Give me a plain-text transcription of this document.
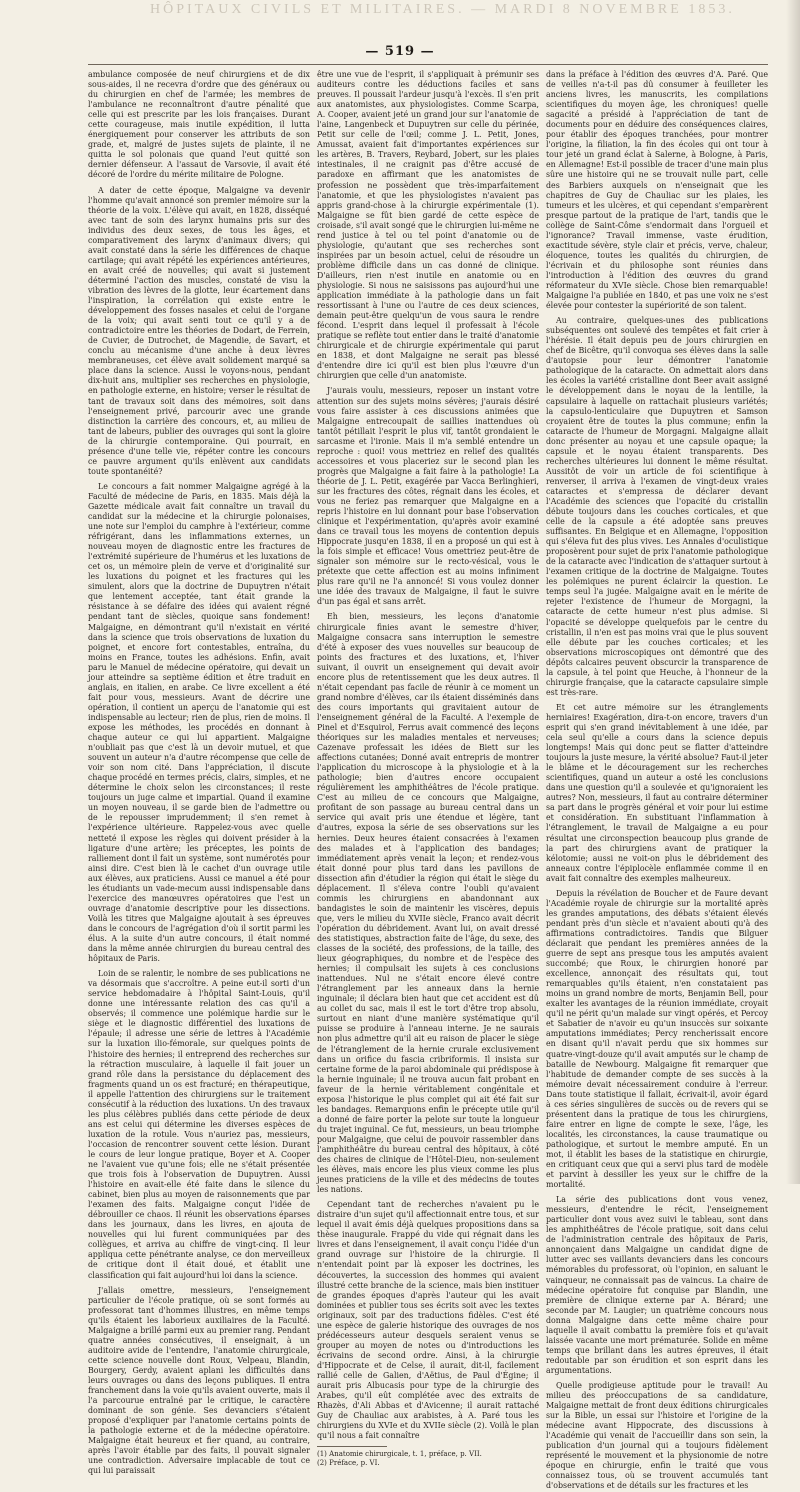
HÔPITAUX CIVILS ET MILITAIRES. — MARDI 8 NOVEMBRE 1853.
— 519 —

ambulance composée de neuf chirurgiens et de dix sous-aides, il ne recevra d'ordre que des généraux ou du chirurgien en chef de l'armée; les membres de l'ambulance ne reconnaîtront d'autre pénalité que celle qui est prescrite par les lois françaises. Durant cette courageuse, mais inutile expédition, il lutta énergiquement pour conserver les attributs de son grade, et, malgré de justes sujets de plainte, il ne quitta le sol polonais que quand l'eut quitté son dernier défenseur. A l'assaut de Varsovie, il avait été décoré de l'ordre du mérite militaire de Pologne.

A dater de cette époque, Malgaigne va devenir l'homme qu'avait annoncé son premier mémoire sur la théorie de la voix. L'élève qui avait, en 1828, disséqué avec tant de soin des larynx humains pris sur des individus des deux sexes, de tous les âges, et comparativement des larynx d'animaux divers; qui avait constaté dans la série les différences de chaque cartilage; qui avait répété les expériences antérieures, en avait créé de nouvelles; qui avait si justement déterminé l'action des muscles, constaté de visu la vibration des lèvres de la glotte, leur écartement dans l'inspiration, la corrélation qui existe entre le développement des fosses nasales et celui de l'organe de la voix; qui avait senti tout ce qu'il y a de contradictoire entre les théories de Dodart, de Ferrein, de Cuvier, de Dutrochet, de Magendie, de Savart, et conclu au mécanisme d'une anche à deux lèvres membraneuses, cet élève avait solidement marqué sa place dans la science. Aussi le voyons-nous, pendant dix-huit ans, multiplier ses recherches en physiologie, en pathologie externe, en histoire; verser le résultat de tant de travaux soit dans des mémoires, soit dans l'enseignement privé, parcourir avec une grande distinction la carrière des concours, et, au milieu de tant de labeurs, publier des ouvrages qui sont la gloire de la chirurgie contemporaine. Qui pourrait, en présence d'une telle vie, répéter contre les concours ce pauvre argument qu'ils enlèvent aux candidats toute spontanéité?

Le concours a fait nommer Malgaigne agrégé à la Faculté de médecine de Paris, en 1835. Mais déjà la Gazette médicale avait fait connaître un travail du candidat sur la médecine et la chirurgie polonaises, une note sur l'emploi du camphre à l'extérieur, comme réfrigérant, dans les inflammations externes, un nouveau moyen de diagnostic entre les fractures de l'extrémité supérieure de l'humérus et les luxations de cet os, un mémoire plein de verve et d'originalité sur les luxations du poignet et les fractures qui les simulent, alors que la doctrine de Dupuytren n'était que lentement acceptée, tant était grande la résistance à se défaire des idées qui avaient régné pendant tant de siècles, quoique sans fondement! Malgaigne, en démontrant qu'il n'existait en vérité dans la science que trois observations de luxation du poignet, et encore fort contestables, entraîna, du moins en France, toutes les adhésions. Enfin, avait paru le Manuel de médecine opératoire, qui devait un jour atteindre sa septième édition et être traduit en anglais, en italien, en arabe. Ce livre excellent a été fait pour vous, messieurs. Avant de décrire une opération, il contient un aperçu de l'anatomie qui est indispensable au lecteur; rien de plus, rien de moins. Il expose les méthodes, les procédés en donnant à chaque auteur ce qui lui appartient. Malgaigne n'oubliait pas que c'est là un devoir mutuel, et que souvent un auteur n'a d'autre récompense que celle de voir son nom cité. Dans l'appréciation, il discute chaque procédé en termes précis, clairs, simples, et ne détermine le choix selon les circonstances; il reste toujours un juge calme et impartial. Quand il examine un moyen nouveau, il se garde bien de l'admettre ou de le repousser imprudemment; il s'en remet à l'expérience ultérieure. Rappelez-vous avec quelle netteté il expose les règles qui doivent présider à la ligature d'une artère; les préceptes, les points de ralliement dont il fait un système, sont numérotés pour ainsi dire. C'est bien là le cachet d'un ouvrage utile aux élèves, aux praticiens. Aussi ce manuel a été pour les étudiants un vade-mecum aussi indispensable dans l'exercice des manœuvres opératoires que l'est un ouvrage d'anatomie descriptive pour les dissections. Voilà les titres que Malgaigne ajoutait à ses épreuves dans le concours de l'agrégation d'où il sortit parmi les élus. A la suite d'un autre concours, il était nommé dans la même année chirurgien du bureau central des hôpitaux de Paris.

Loin de se ralentir, le nombre de ses publications ne va désormais que s'accroître. A peine eut-il sorti d'un service hebdomadaire à l'hôpital Saint-Louis, qu'il donne une intéressante relation des cas qu'il a observés; il commence une polémique hardie sur le siège et le diagnostic différentiel des luxations de l'épaule; il adresse une série de lettres à l'Académie sur la luxation ilio-fémorale, sur quelques points de l'histoire des hernies; il entreprend des recherches sur la rétraction musculaire, à laquelle il fait jouer un grand rôle dans la persistance du déplacement des fragments quand un os est fracturé; en thérapeutique, il appelle l'attention des chirurgiens sur le traitement consécutif à la réduction des luxations. Un des travaux les plus célèbres publiés dans cette période de deux ans est celui qui détermine les diverses espèces de luxation de la rotule. Vous n'auriez pas, messieurs, l'occasion de rencontrer souvent cette lésion. Durant le cours de leur longue pratique, Boyer et A. Cooper ne l'avaient vue qu'une fois; elle ne s'était présentée que trois fois à l'observation de Dupuytren. Aussi l'histoire en avait-elle été faite dans le silence du cabinet, bien plus au moyen de raisonnements que par l'examen des faits. Malgaigne conçut l'idée de débrouiller ce chaos. Il réunit les observations éparses dans les journaux, dans les livres, en ajouta de nouvelles qui lui furent communiquées par des collègues, et arriva au chiffre de vingt-cinq. Il leur appliqua cette pénétrante analyse, ce don merveilleux de critique dont il était doué, et établit une classification qui fait aujourd'hui loi dans la science.

J'allais omettre, messieurs, l'enseignement particulier de l'école pratique, où se sont formés au professorat tant d'hommes illustres, en même temps qu'ils étaient les laborieux auxiliaires de la Faculté. Malgaigne a brillé parmi eux au premier rang. Pendant quatre années consécutives, il enseignait, à un auditoire avide de l'entendre, l'anatomie chirurgicale, cette science nouvelle dont Roux, Velpeau, Blandin, Bourgery, Gerdy, avaient aplani les difficultés dans leurs ouvrages ou dans des leçons publiques. Il entra franchement dans la voie qu'ils avaient ouverte, mais il l'a parcourue entraîné par le critique, le caractère dominant de son génie. Ses devanciers s'étaient proposé d'expliquer par l'anatomie certains points de la pathologie externe et de la médecine opératoire. Malgaigne était heureux et fier quand, au contraire, après l'avoir établie par des faits, il pouvait signaler une contradiction. Adversaire implacable de tout ce qui lui paraissait

être une vue de l'esprit, il s'appliquait à prémunir ses auditeurs contre les déductions faciles et sans preuves. Il poussait l'ardeur jusqu'à l'excès. Il s'en prit aux anatomistes, aux physiologistes. Comme Scarpa, A. Cooper, avaient jeté un grand jour sur l'anatomie de l'aine, Langenbeck et Dupuytren sur celle du périnée, Petit sur celle de l'œil; comme J. L. Petit, Jones, Amussat, avaient fait d'importantes expériences sur les artères, B. Travers, Reybard, Jobert, sur les plaies intestinales, il ne craignit pas d'être accusé de paradoxe en affirmant que les anatomistes de profession ne possèdent que très-imparfaitement l'anatomie, et que les physiologistes n'avaient pas appris grand-chose à la chirurgie expérimentale (1). Malgaigne se fût bien gardé de cette espèce de croisade, s'il avait songé que le chirurgien lui-même ne rend justice à tel ou tel point d'anatomie ou de physiologie, qu'autant que ses recherches sont inspirées par un besoin actuel, celui de résoudre un problème difficile dans un cas donné de clinique. D'ailleurs, rien n'est inutile en anatomie ou en physiologie. Si nous ne saisissons pas aujourd'hui une application immédiate à la pathologie dans un fait ressortissant à l'une ou l'autre de ces deux sciences, demain peut-être quelqu'un de vous saura le rendre fécond. L'esprit dans lequel il professait à l'école pratique se reflète tout entier dans le traité d'anatomie chirurgicale et de chirurgie expérimentale qui parut en 1838, et dont Malgaigne ne serait pas blessé d'entendre dire ici qu'il est bien plus l'œuvre d'un chirurgien que celle d'un anatomiste.

J'aurais voulu, messieurs, reposer un instant votre attention sur des sujets moins sévères; j'aurais désiré vous faire assister à ces discussions animées que Malgaigne entrecoupait de saillies inattendues où tantôt pétillait l'esprit le plus vif, tantôt grondaient le sarcasme et l'ironie. Mais il m'a semblé entendre un reproche : quoi! vous mettriez en relief des qualités accessoires et vous placeriez sur le second plan les progrès que Malgaigne a fait faire à la pathologie! La théorie de J. L. Petit, exagérée par Vacca Berlinghieri, sur les fractures des côtes, régnait dans les écoles, et vous ne feriez pas remarquer que Malgaigne en a repris l'histoire en lui donnant pour base l'observation clinique et l'expérimentation, qu'après avoir examiné dans ce travail tous les moyens de contention depuis Hippocrate jusqu'en 1838, il en a proposé un qui est à la fois simple et efficace! Vous omettriez peut-être de signaler son mémoire sur le recto-vésical, vous le prétexte que cette affection est au moins infiniment plus rare qu'il ne l'a annoncé! Si vous voulez donner une idée des travaux de Malgaigne, il faut le suivre d'un pas égal et sans arrêt.

Eh bien, messieurs, les leçons d'anatomie chirurgicale finies avant le semestre d'hiver, Malgaigne consacra sans interruption le semestre d'été à exposer des vues nouvelles sur beaucoup de points des fractures et des luxations, et, l'hiver suivant, il ouvrit un enseignement qui devait avoir encore plus de retentissement que les deux autres. Il n'était cependant pas facile de réunir à ce moment un grand nombre d'élèves, car ils étaient disséminés dans des cours importants qui gravitaient autour de l'enseignement général de la Faculté. A l'exemple de Pinel et d'Esquirol, Ferrus avait commencé des leçons théoriques sur les maladies mentales et nerveuses; Cazenave professait les idées de Biett sur les affections cutanées; Donné avait entrepris de montrer l'application du microscope à la physiologie et à la pathologie; bien d'autres encore occupaient régulièrement les amphithéâtres de l'école pratique. C'est au milieu de ce concours que Malgaigne, profitant de son passage au bureau central dans un service qui avait pris une étendue et légère, tant d'autres, exposa la série de ses observations sur les hernies. Deux heures étaient consacrées à l'examen des malades et à l'application des bandages; immédiatement après venait la leçon; et rendez-vous était donné pour plus tard dans les pavillons de dissection afin d'étudier la région qui était le siège du déplacement. Il s'éleva contre l'oubli qu'avaient commis les chirurgiens en abandonnant aux bandagistes le soin de maintenir les viscères, depuis que, vers le milieu du XVIIe siècle, Franco avait décrit l'opération du débridement. Avant lui, on avait dressé des statistiques, abstraction faite de l'âge, du sexe, des classes de la société, des professions, de la taille, des lieux géographiques, du nombre et de l'espèce des hernies; il compulsait les sujets à ces conclusions inattendues. Nul ne s'était encore élevé contre l'étranglement par les anneaux dans la hernie inguinale; il déclara bien haut que cet accident est dû au collet du sac, mais il est le tort d'être trop absolu, surtout en niant d'une manière systématique qu'il puisse se produire à l'anneau interne. Je ne saurais non plus admettre qu'il ait eu raison de placer le siège de l'étranglement de la hernie crurale exclusivement dans un orifice du fascia cribriformis. Il insista sur certaine forme de la paroi abdominale qui prédispose à la hernie inguinale; il ne trouva aucun fait probant en faveur de la hernie véritablement congénitale et exposa l'historique le plus complet qui ait été fait sur les bandages. Remarquons enfin le précepte utile qu'il a donné de faire porter la pelote sur toute la longueur du trajet inguinal. Ce fut, messieurs, un beau triomphe pour Malgaigne, que celui de pouvoir rassembler dans l'amphithéâtre du bureau central des hôpitaux, à côté des chaires de clinique de l'Hôtel-Dieu, non-seulement les élèves, mais encore les plus vieux comme les plus jeunes praticiens de la ville et des médecins de toutes les nations.

Cependant tant de recherches n'avaient pu le distraire d'un sujet qu'il affectionnait entre tous, et sur lequel il avait émis déjà quelques propositions dans sa thèse inaugurale. Frappé du vide qui régnait dans les livres et dans l'enseignement, il avait conçu l'idée d'un grand ouvrage sur l'histoire de la chirurgie. Il n'entendait point par là exposer les doctrines, les découvertes, la succession des hommes qui avaient illustré cette branche de la science, mais bien instituer de grandes époques d'après l'auteur qui les avait dominées et publier tous ses écrits soit avec les textes originaux, soit par des traductions fidèles. C'est été une espèce de galerie historique des ouvrages de nos prédécesseurs auteur desquels seraient venus se grouper au moyen de notes ou d'introductions les écrivains de second ordre. Ainsi, à la chirurgie d'Hippocrate et de Celse, il aurait, dit-il, facilement rallié celle de Galien, d'Aëtius, de Paul d'Égine; il aurait pris Albucasis pour type de la chirurgie des Arabes, qu'il eût complétée avec des extraits de Rhazès, d'Ali Abbas et d'Avicenne; il aurait rattaché Guy de Chauliac aux arabistes, à A. Paré tous les chirurgiens du XVIe et du XVIIe siècle (2). Voilà le plan qu'il nous a fait connaître

(1) Anatomie chirurgicale, t. 1, préface, p. VII.

(2) Préface, p. VI.

dans la préface à l'édition des œuvres d'A. Paré. Que de veilles n'a-t-il pas dû consumer à feuilleter les anciens livres, les manuscrits, les compilations scientifiques du moyen âge, les chroniques! quelle sagacité a présidé à l'appréciation de tant de documents pour en déduire des conséquences claires, pour établir des époques tranchées, pour montrer l'origine, la filiation, la fin des écoles qui ont tour à tour jeté un grand éclat à Salerne, à Bologne, à Paris, en Allemagne! Est-il possible de tracer d'une main plus sûre une histoire qui ne se trouvait nulle part, celle des Barbiers auxquels on n'enseignait que les chapitres de Guy de Chauliac sur les plaies, les tumeurs et les ulcères, et qui cependant s'emparèrent presque partout de la pratique de l'art, tandis que le collège de Saint-Côme s'endormait dans l'orgueil et l'ignorance? Travail immense, vaste érudition, exactitude sévère, style clair et précis, verve, chaleur, éloquence, toutes les qualités du chirurgien, de l'écrivain et du philosophe sont réunies dans l'introduction à l'édition des œuvres du grand réformateur du XVIe siècle. Chose bien remarquable! Malgaigne l'a publiée en 1840, et pas une voix ne s'est élevée pour contester la supériorité de son talent.

Au contraire, quelques-unes des publications subséquentes ont soulevé des tempêtes et fait crier à l'hérésie. Il était depuis peu de jours chirurgien en chef de Bicêtre, qu'il convoqua ses élèves dans la salle d'autopsie pour leur démontrer l'anatomie pathologique de la cataracte. On admettait alors dans les écoles la variété cristalline dont Beer avait assigné le développement dans le noyau de la lentille, la capsulaire à laquelle on rattachait plusieurs variétés; la capsulo-lenticulaire que Dupuytren et Samson croyaient être de toutes la plus commune; enfin la cataracte de l'humeur de Morgagni. Malgaigne allait donc présenter au noyau et une capsule opaque; la capsule et le noyau étaient transparents. Des recherches ultérieures lui donnent le même résultat. Aussitôt de voir un article de foi scientifique à renverser, il arriva à l'examen de vingt-deux vraies cataractes et s'empressa de déclarer devant l'Académie des sciences que l'opacité du cristallin débute toujours dans les couches corticales, et que celle de la capsule a été adoptée sans preuves suffisantes. En Belgique et en Allemagne, l'opposition qui s'éleva fut des plus vives. Les Annales d'oculistique proposèrent pour sujet de prix l'anatomie pathologique de la cataracte avec l'indication de s'attaquer surtout à l'examen critique de la doctrine de Malgaigne. Toutes les polémiques ne purent éclaircir la question. Le temps seul l'a jugée. Malgaigne avait en le mérite de rejeter l'existence de l'humeur de Morgagni, la cataracte de cette humeur n'est plus admise. Si l'opacité se développe quelquefois par le centre du cristallin, il n'en est pas moins vrai que le plus souvent elle débute par les couches corticales; et les observations microscopiques ont démontré que des dépôts calcaires peuvent obscurcir la transparence de la capsule, à tel point que Heuche, à l'honneur de la chirurgie française, que la cataracte capsulaire simple est très-rare.

Et cet autre mémoire sur les étranglements herniaires! Exagération, dira-t-on encore, travers d'un esprit qui s'en grand inévitablement à une idée, par cela seul qu'elle a cours dans la science depuis longtemps! Mais qui donc peut se flatter d'atteindre toujours la juste mesure, la vérité absolue? Faut-il jeter le blâme et le découragement sur les recherches scientifiques, quand un auteur a osté les conclusions dans une question qu'il a soulevée et qu'ignoraient les autres? Non, messieurs, il faut au contraire déterminer sa part dans le progrès général et voir pour lui estime et considération. En substituant l'inflammation à l'étranglement, le travail de Malgaigne a eu pour résultat une circonspection beaucoup plus grande de la part des chirurgiens avant de pratiquer la kélotomie; aussi ne voit-on plus le débridement des anneaux contre l'épiplocèle enflammée comme il en avait fait connaître des exemples malheureux.

Depuis la révélation de Boucher et de Faure devant l'Académie royale de chirurgie sur la mortalité après les grandes amputations, des débats s'étaient élevés pendant près d'un siècle et n'avaient abouti qu'à des affirmations contradictoires. Tandis que Bilguer déclarait que pendant les premières années de la guerre de sept ans presque tous les amputés avaient succombé; que Roux, le chirurgien honoré par excellence, annonçait des résultats qui, tout remarquables qu'ils étaient, n'en constataient pas moins un grand nombre de morts, Benjamin Bell, pour exalter les avantages de la réunion immédiate, croyait qu'il ne périt qu'un malade sur vingt opérés, et Percoy et Sabatier de n'avoir eu qu'un insuccès sur soixante amputations immédiates; Percy rencherissait encore en disant qu'il n'avait perdu que six hommes sur quatre-vingt-douze qu'il avait amputés sur le champ de bataille de Newbourg. Malgaigne fit remarquer que l'habitude de demander compte de ses succès à la mémoire devait nécessairement conduire à l'erreur. Dans toute statistique il fallait, écrivait-il, avoir égard à ces séries singulières de succès ou de revers qui se présentent dans la pratique de tous les chirurgiens, faire entrer en ligne de compte le sexe, l'âge, les localités, les circonstances, la cause traumatique ou pathologique, et surtout le membre amputé. En un mot, il établit les bases de la statistique en chirurgie, en critiquant ceux que qui a servi plus tard de modèle et parvint à dessiller les yeux sur le chiffre de la mortalité.

La série des publications dont vous venez, messieurs, d'entendre le récit, l'enseignement particulier dont vous avez suivi le tableau, sont dans les amphithéâtres de l'école pratique, soit dans celui de l'administration centrale des hôpitaux de Paris, annonçaient dans Malgaigne un candidat digne de lutter avec ses vaillants devanciers dans les concours mémorables du professorat, où l'opinion, en saluant le vainqueur, ne connaissait pas de vaincus. La chaire de médecine opératoire fut conquise par Blandin, une première de clinique externe par A. Bérard; une seconde par M. Laugier; un quatrième concours nous donna Malgaigne dans cette même chaire pour laquelle il avait combattu la première fois et qu'avait laissée vacante une mort prématurée. Solide en même temps que brillant dans les autres épreuves, il était redoutable par son érudition et son esprit dans les argumentations.

Quelle prodigieuse aptitude pour le travail! Au milieu des préoccupations de sa candidature, Malgaigne mettait de front deux éditions chirurgicales sur la Bible, un essai sur l'histoire et l'origine de la médecine avant Hippocrate, des discussions à l'Académie qui venait de l'accueillir dans son sein, la publication d'un journal qui a toujours fidèlement représenté le mouvement et la physionomie de notre époque en chirurgie, enfin le traité que vous connaissez tous, où se trouvent accumulés tant d'observations et de détails sur les fractures et les
